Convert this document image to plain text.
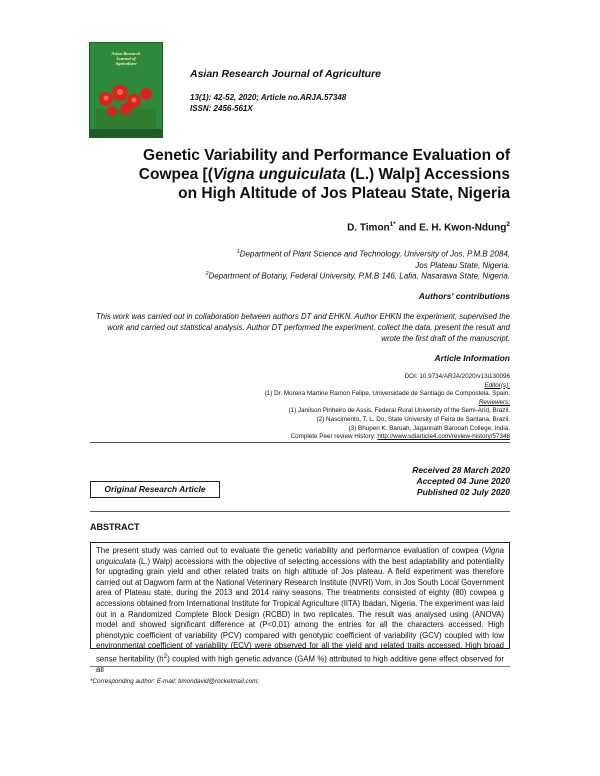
Asian Research
Journal of
Agriculture
Asian Research Journal of Agriculture
13(1): 42-52, 2020; Article no.ARJA.57348
ISSN: 2456-561X
Genetic Variability and Performance Evaluation of
Cowpea [(Vigna unguiculata (L.) Walp] Accessions
on High Altitude of Jos Plateau State, Nigeria
D. Timon$^{1*}$ and E. H. Kwon-Ndung$^2$
$^1$Department of Plant Science and Technology, University of Jos, P.M.B 2084,
Jos Plateau State, Nigeria.
$^2$Department of Botany, Federal University, P.M.B 146, Lafia, Nasarawa State, Nigeria.
Authors' contributions
This work was carried out in collaboration between authors DT and EHKN. Author EHKN the experiment, supervised the work and carried out statistical analysis. Author DT performed the experiment, collect the data, present the result and wrote the first draft of the manuscript.
Article Information
DOI: 10.9734/ARJA/2020/v13i130096
Editor(s):
(1) Dr. Moreira Martine Ramon Felipe, Universidade de Santiago de Compostela, Spain.
Reviewers:
(1) Janilson Pinheiro de Assis, Federal Rural University of the Semi-Arid, Brazil.
(2) Nascimento, T. L. Do, State University of Feira de Santana, Brazil.
(3) Bhupen K. Baruah, Jagannath Barooah College, India.
Complete Peer review History: http://www.sdiarticle4.com/review-history/57348
Received 28 March 2020
Accepted 04 June 2020
Published 02 July 2020
Original Research Article
ABSTRACT
The present study was carried out to evaluate the genetic variability and performance evaluation of cowpea (Vigna unguiculata (L.) Walp) accessions with the objective of selecting accessions with the best adaptability and potentiality for upgrading grain yield and other related traits on high altitude of Jos plateau. A field experiment was therefore carried out at Dagwom farm at the National Veterinary Research Institute (NVRI) Vom, in Jos South Local Government area of Plateau state, during the 2013 and 2014 rainy seasons. The treatments consisted of eighty (80) cowpea g accessions obtained from International Institute for Tropical Agriculture (IITA) Ibadan, Nigeria. The experiment was laid out in a Randomized Complete Block Design (RCBD) in two replicates. The result was analysed using (ANOVA) model and showed significant difference at (P<0.01) among the entries for all the characters accessed. High phenotypic coefficient of variability (PCV) compared with genotypic coefficient of variability (GCV) coupled with low environmental coefficient of variability (ECV) were observed for all the yield and related traits accessed. High broad sense heritability $(h^2)$ coupled with high genetic advance (GAM %) attributed to high additive gene effect observed for all
*Corresponding author: E-mail: timondavid@rocketmail.com;
